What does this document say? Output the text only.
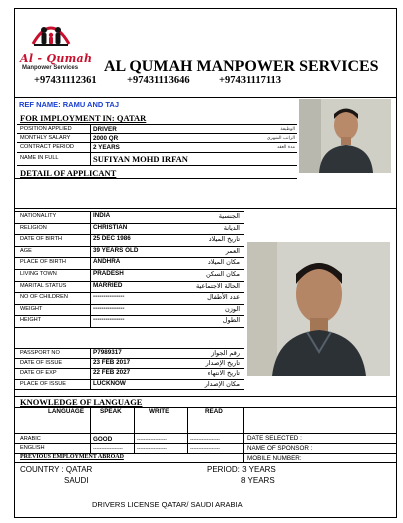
Al - Qumah
Manpower Services AL QUMAH MANPOWER SERVICES
+97431112361	+97431113646	+97431117113
REF NAME: RAMU AND TAJ
FOR IMPLOYMENT IN: QATAR
POSITION APPLIED	DRIVER	الوظيفة
MONTHLY SALARY	2000 QR	الراتب الشهري
CONTRACT PERIOD	2 YEARS	مدة العقد
NAME IN FULL	SUFIYAN MOHD IRFAN
DETAIL OF APPLICANT
NATIONALITY	INDIA	الجنسية
RELIGION	CHRISTIAN	الديانة
DATE OF BIRTH	25 DEC 1986	تاريخ الميلاد
AGE	39 YEARS OLD	العمر
PLACE OF BIRTH	ANDHRA	مكان الميلاد
LIVING TOWN	PRADESH	مكان السكن
MARITAL STATUS	MARRIED	الحالة الاجتماعية
NO OF CHILDREN	---------------	عدد الأطفال
WEIGHT	---------------	الوزن
HEIGHT	---------------	الطول
PASSPORT NO	P7989317	رقم الجواز
DATE OF ISSUE	23 FEB 2017	تاريخ الإصدار
DATE OF EXP	22 FEB 2027	تاريخ الانتهاء
PLACE OF ISSUE	LUCKNOW	مكان الإصدار
KNOWLEDGE OF LANGUAGE
LANGUAGE	SPEAK	WRITE	READ
ARABIC	GOOD	------------------	------------------	DATE SELECTED :
ENGLISH	------------------	------------------	------------------	NAME OF SPONSOR :
PREVIOUS EMPLOYMENT ABROAD	MOBILE NUMBER:
COUNTRY : QATAR
SAUDI
PERIOD: 3 YEARS
8 YEARS
DRIVERS LICENSE QATAR/ SAUDI ARABIA
